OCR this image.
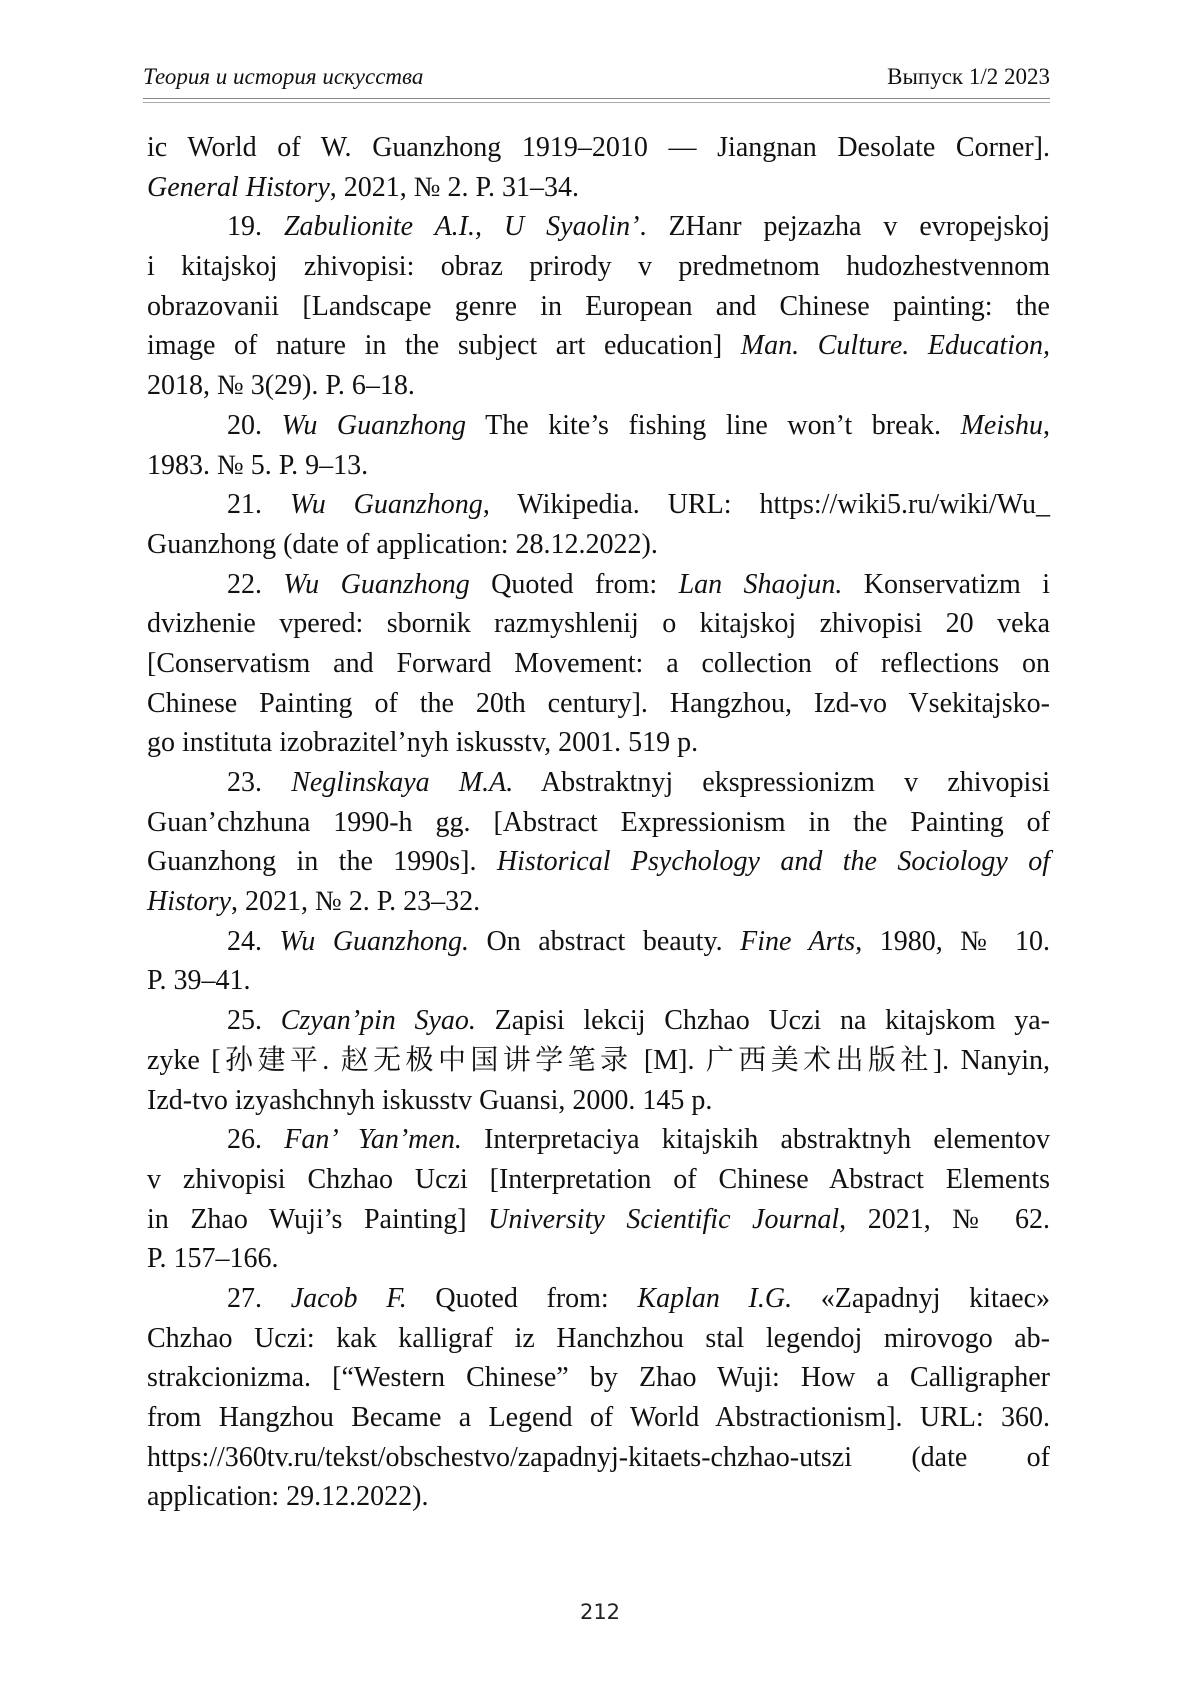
Теория и история искусства	Выпуск 1/2 2023
ic World of W. Guanzhong 1919–2010 — Jiangnan Desolate Corner].
General History, 2021, № 2. P. 31–34.
19. Zabulionite A.I., U Syaolin’. ZHanr pejzazha v evropejskoj
i kitajskoj zhivopisi: obraz prirody v predmetnom hudozhestvennom
obrazovanii [Landscape genre in European and Chinese painting: the
image of nature in the subject art education] Man. Culture. Education,
2018, № 3(29). P. 6–18.
20. Wu Guanzhong The kite’s fishing line won’t break. Meishu,
1983. № 5. P. 9–13.
21. Wu Guanzhong, Wikipedia. URL: https://wiki5.ru/wiki/Wu_
Guanzhong (date of application: 28.12.2022).
22. Wu Guanzhong Quoted from: Lan Shaojun. Konservatizm i
dvizhenie vpered: sbornik razmyshlenij o kitajskoj zhivopisi 20 veka
[Conservatism and Forward Movement: a collection of reflections on
Chinese Painting of the 20th century]. Hangzhou, Izd-vo Vsekitajsko-
go instituta izobrazitel’nyh iskusstv, 2001. 519 p.
23. Neglinskaya M.A. Abstraktnyj ekspressionizm v zhivopisi
Guan’chzhuna 1990-h gg. [Abstract Expressionism in the Painting of
Guanzhong in the 1990s]. Historical Psychology and the Sociology of
History, 2021, № 2. P. 23–32.
24. Wu Guanzhong. On abstract beauty. Fine Arts, 1980, № 10.
P. 39–41.
25. Czyan’pin Syao. Zapisi lekcij Chzhao Uczi na kitajskom ya-
zyke [孙建平. 赵无极中国讲学笔录 [M]. 广西美术出版社]. Nanyin,
Izd-tvo izyashchnyh iskusstv Guansi, 2000. 145 p.
26. Fan’ Yan’men. Interpretaciya kitajskih abstraktnyh elementov
v zhivopisi Chzhao Uczi [Interpretation of Chinese Abstract Elements
in Zhao Wuji’s Painting] University Scientific Journal, 2021, № 62.
P. 157–166.
27. Jacob F. Quoted from: Kaplan I.G. «Zapadnyj kitaec»
Chzhao Uczi: kak kalligraf iz Hanchzhou stal legendoj mirovogo ab-
strakcionizma. [“Western Chinese” by Zhao Wuji: How a Calligrapher
from Hangzhou Became a Legend of World Abstractionism]. URL: 360.
https://360tv.ru/tekst/obschestvo/zapadnyj-kitaets-chzhao-utszi (date of
application: 29.12.2022).
212
